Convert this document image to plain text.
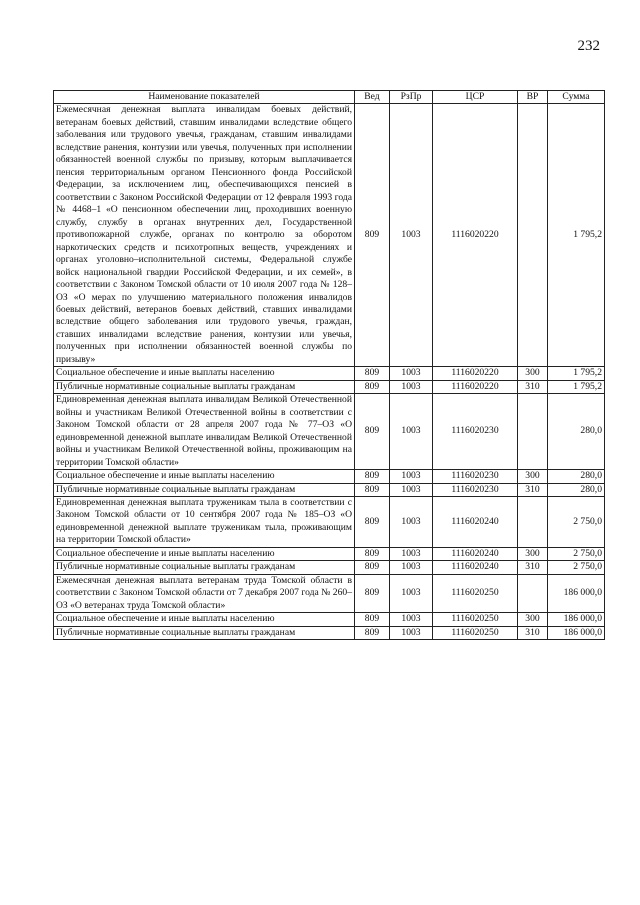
232
Наименование показателей	Вед	РзПр	ЦСР	ВР	Сумма
Ежемесячная денежная выплата инвалидам боевых действий, ветеранам боевых действий, ставшим инвалидами вследствие общего заболевания или трудового увечья, гражданам, ставшим инвалидами вследствие ранения, контузии или увечья, полученных при исполнении обязанностей военной службы по призыву, которым выплачивается пенсия территориальным органом Пенсионного фонда Российской Федерации, за исключением лиц, обеспечивающихся пенсией в соответствии с Законом Российской Федерации от 12 февраля 1993 года № 4468–1 «О пенсионном обеспечении лиц, проходивших военную службу, службу в органах внутренних дел, Государственной противопожарной службе, органах по контролю за оборотом наркотических средств и психотропных веществ, учреждениях и органах уголовно–исполнительной системы, Федеральной службе войск национальной гвардии Российской Федерации, и их семей», в соответствии с Законом Томской области от 10 июля 2007 года № 128–ОЗ «О мерах по улучшению материального положения инвалидов боевых действий, ветеранов боевых действий, ставших инвалидами вследствие общего заболевания или трудового увечья, граждан, ставших инвалидами вследствие ранения, контузии или увечья, полученных при исполнении обязанностей военной службы по призыву»	809	1003	1116020220		1 795,2
Социальное обеспечение и иные выплаты населению	809	1003	1116020220	300	1 795,2
Публичные нормативные социальные выплаты гражданам	809	1003	1116020220	310	1 795,2
Единовременная денежная выплата инвалидам Великой Отечественной войны и участникам Великой Отечественной войны в соответствии с Законом Томской области от 28 апреля 2007 года № 77–ОЗ «О единовременной денежной выплате инвалидам Великой Отечественной войны и участникам Великой Отечественной войны, проживающим на территории Томской области»	809	1003	1116020230		280,0
Социальное обеспечение и иные выплаты населению	809	1003	1116020230	300	280,0
Публичные нормативные социальные выплаты гражданам	809	1003	1116020230	310	280,0
Единовременная денежная выплата труженикам тыла в соответствии с Законом Томской области от 10 сентября 2007 года № 185–ОЗ «О единовременной денежной выплате труженикам тыла, проживающим на территории Томской области»	809	1003	1116020240		2 750,0
Социальное обеспечение и иные выплаты населению	809	1003	1116020240	300	2 750,0
Публичные нормативные социальные выплаты гражданам	809	1003	1116020240	310	2 750,0
Ежемесячная денежная выплата ветеранам труда Томской области в соответствии с Законом Томской области от 7 декабря 2007 года № 260–ОЗ «О ветеранах труда Томской области»	809	1003	1116020250		186 000,0
Социальное обеспечение и иные выплаты населению	809	1003	1116020250	300	186 000,0
Публичные нормативные социальные выплаты гражданам	809	1003	1116020250	310	186 000,0
